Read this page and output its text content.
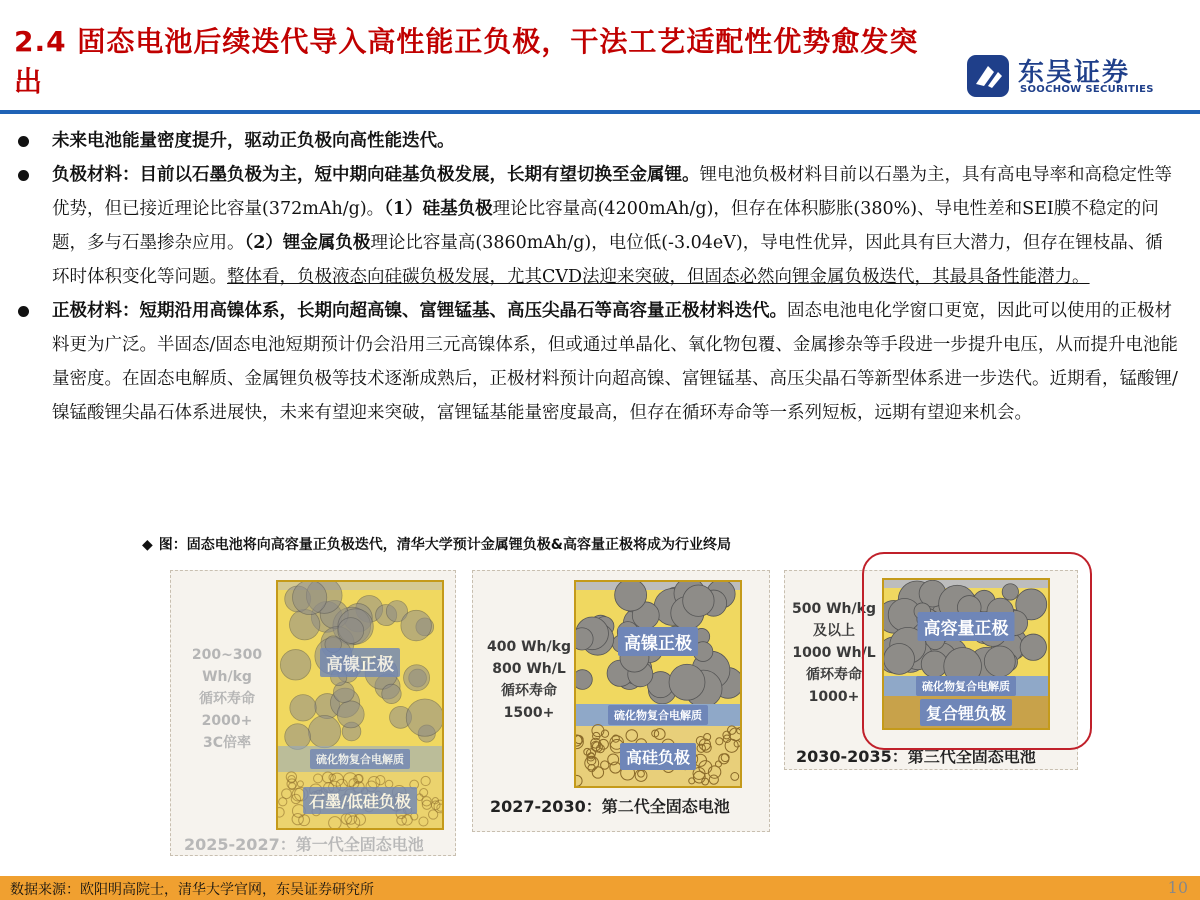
2.4 固态电池后续迭代导入高性能正负极，干法工艺适配性优势愈发突出	东吴证券
SOOCHOW SECURITIES
未来电池能量密度提升，驱动正负极向高性能迭代。
负极材料：目前以石墨负极为主，短中期向硅基负极发展，长期有望切换至金属锂。锂电池负极材料目前以石墨为主，具有高电导率和高稳定性等优势，但已接近理论比容量(372mAh/g)。（1）硅基负极理论比容量高(4200mAh/g)，但存在体积膨胀(380%)、导电性差和SEI膜不稳定的问题，多与石墨掺杂应用。（2）锂金属负极理论比容量高(3860mAh/g)，电位低(-3.04eV)，导电性优异，因此具有巨大潜力，但存在锂枝晶、循环时体积变化等问题。整体看，负极液态向硅碳负极发展，尤其CVD法迎来突破，但固态必然向锂金属负极迭代，其最具备性能潜力。
正极材料：短期沿用高镍体系，长期向超高镍、富锂锰基、高压尖晶石等高容量正极材料迭代。固态电池电化学窗口更宽，因此可以使用的正极材料更为广泛。半固态/固态电池短期预计仍会沿用三元高镍体系，但或通过单晶化、氧化物包覆、金属掺杂等手段进一步提升电压，从而提升电池能量密度。在固态电解质、金属锂负极等技术逐渐成熟后，正极材料预计向超高镍、富锂锰基、高压尖晶石等新型体系进一步迭代。近期看，锰酸锂/镍锰酸锂尖晶石体系进展快，未来有望迎来突破，富锂锰基能量密度最高，但存在循环寿命等一系列短板，远期有望迎来机会。
◆ 图：固态电池将向高容量正负极迭代，清华大学预计金属锂负极&高容量正极将成为行业终局
200~300
Wh/kg
循环寿命
2000+
3C倍率
高镍正极
硫化物复合电解质
石墨/低硅负极
2025-2027：第一代全固态电池
400 Wh/kg
800 Wh/L
循环寿命
1500+
高镍正极
硫化物复合电解质
高硅负极
2027-2030：第二代全固态电池
500 Wh/kg
及以上
1000 Wh/L
循环寿命
1000+
高容量正极
硫化物复合电解质
复合锂负极
2030-2035：第三代全固态电池
数据来源：欧阳明高院士，清华大学官网，东吴证券研究所	10
